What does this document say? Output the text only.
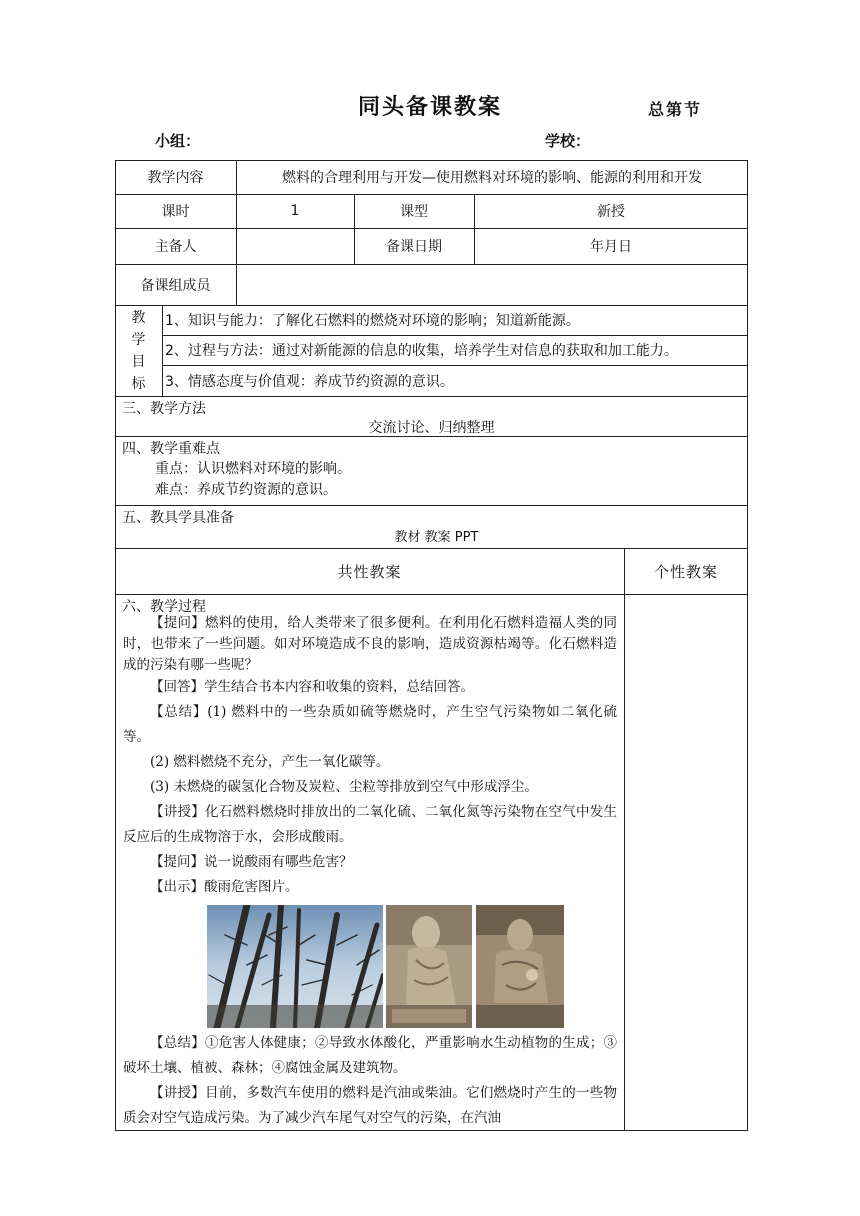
同头备课教案	总第节
小组：	学校：
教学内容	燃料的合理利用与开发—使用燃料对环境的影响、能源的利用和开发
课时	1	课型	新授
主备人	备课日期	年月日
备课组成员
教
学
目
标
1、知识与能力：了解化石燃料的燃烧对环境的影响；知道新能源。
2、过程与方法：通过对新能源的信息的收集，培养学生对信息的获取和加工能力。
3、情感态度与价值观：养成节约资源的意识。
三、教学方法
交流讨论、归纳整理
四、教学重难点
重点：认识燃料对环境的影响。
难点：养成节约资源的意识。
五、教具学具准备
教材 教案 PPT
共性教案	个性教案
六、教学过程

【提问】燃料的使用，给人类带来了很多便利。在利用化石燃料造福人类的同时，也带来了一些问题。如对环境造成不良的影响，造成资源枯竭等。化石燃料造成的污染有哪一些呢？

【回答】学生结合书本内容和收集的资料，总结回答。

【总结】(1) 燃料中的一些杂质如硫等燃烧时，产生空气污染物如二氧化硫等。

(2) 燃料燃烧不充分，产生一氧化碳等。

(3) 未燃烧的碳氢化合物及炭粒、尘粒等排放到空气中形成浮尘。

【讲授】化石燃料燃烧时排放出的二氧化硫、二氧化氮等污染物在空气中发生反应后的生成物溶于水，会形成酸雨。

【提问】说一说酸雨有哪些危害？

【出示】酸雨危害图片。

【总结】①危害人体健康；②导致水体酸化，严重影响水生动植物的生成；③破坏土壤、植被、森林；④腐蚀金属及建筑物。

【讲授】目前，多数汽车使用的燃料是汽油或柴油。它们燃烧时产生的一些物质会对空气造成污染。为了减少汽车尾气对空气的污染，在汽油
